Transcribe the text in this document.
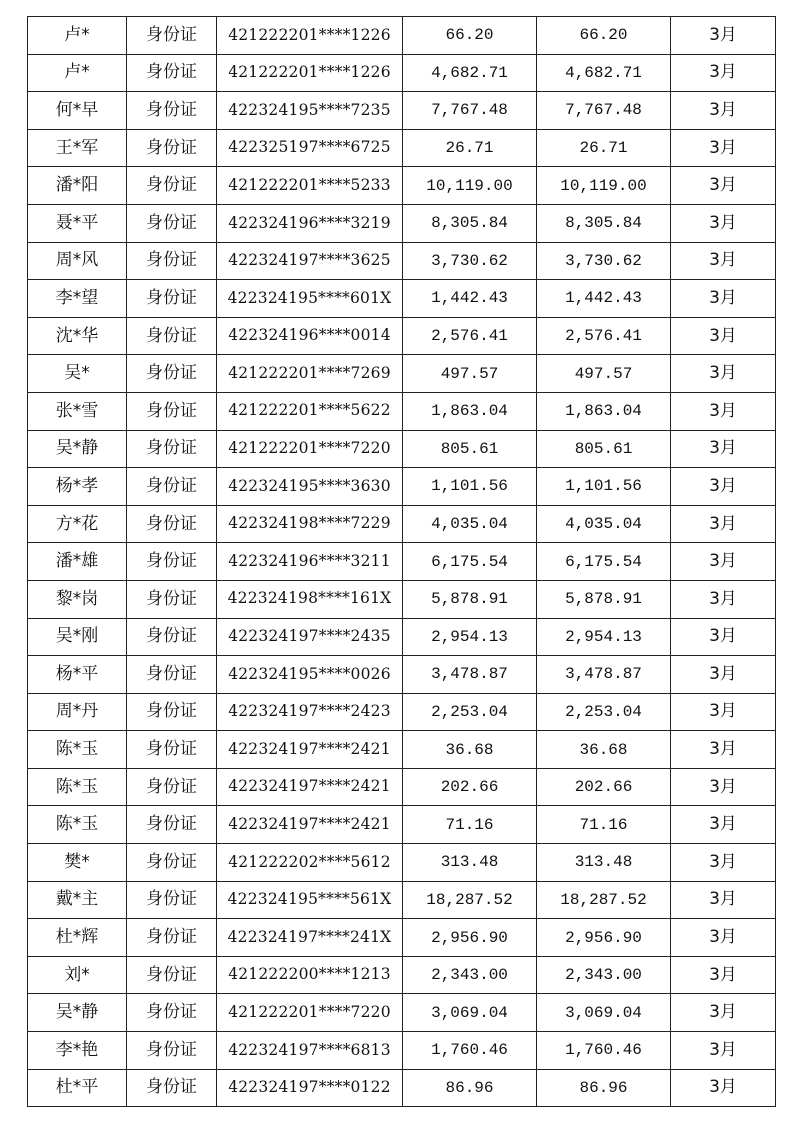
卢*	身份证	421222201****1226	66.20	66.20	3月
卢*	身份证	421222201****1226	4,682.71	4,682.71	3月
何*早	身份证	422324195****7235	7,767.48	7,767.48	3月
王*军	身份证	422325197****6725	26.71	26.71	3月
潘*阳	身份证	421222201****5233	10,119.00	10,119.00	3月
聂*平	身份证	422324196****3219	8,305.84	8,305.84	3月
周*风	身份证	422324197****3625	3,730.62	3,730.62	3月
李*望	身份证	422324195****601X	1,442.43	1,442.43	3月
沈*华	身份证	422324196****0014	2,576.41	2,576.41	3月
吴*	身份证	421222201****7269	497.57	497.57	3月
张*雪	身份证	421222201****5622	1,863.04	1,863.04	3月
吴*静	身份证	421222201****7220	805.61	805.61	3月
杨*孝	身份证	422324195****3630	1,101.56	1,101.56	3月
方*花	身份证	422324198****7229	4,035.04	4,035.04	3月
潘*雄	身份证	422324196****3211	6,175.54	6,175.54	3月
黎*岗	身份证	422324198****161X	5,878.91	5,878.91	3月
吴*刚	身份证	422324197****2435	2,954.13	2,954.13	3月
杨*平	身份证	422324195****0026	3,478.87	3,478.87	3月
周*丹	身份证	422324197****2423	2,253.04	2,253.04	3月
陈*玉	身份证	422324197****2421	36.68	36.68	3月
陈*玉	身份证	422324197****2421	202.66	202.66	3月
陈*玉	身份证	422324197****2421	71.16	71.16	3月
樊*	身份证	421222202****5612	313.48	313.48	3月
戴*主	身份证	422324195****561X	18,287.52	18,287.52	3月
杜*辉	身份证	422324197****241X	2,956.90	2,956.90	3月
刘*	身份证	421222200****1213	2,343.00	2,343.00	3月
吴*静	身份证	421222201****7220	3,069.04	3,069.04	3月
李*艳	身份证	422324197****6813	1,760.46	1,760.46	3月
杜*平	身份证	422324197****0122	86.96	86.96	3月
